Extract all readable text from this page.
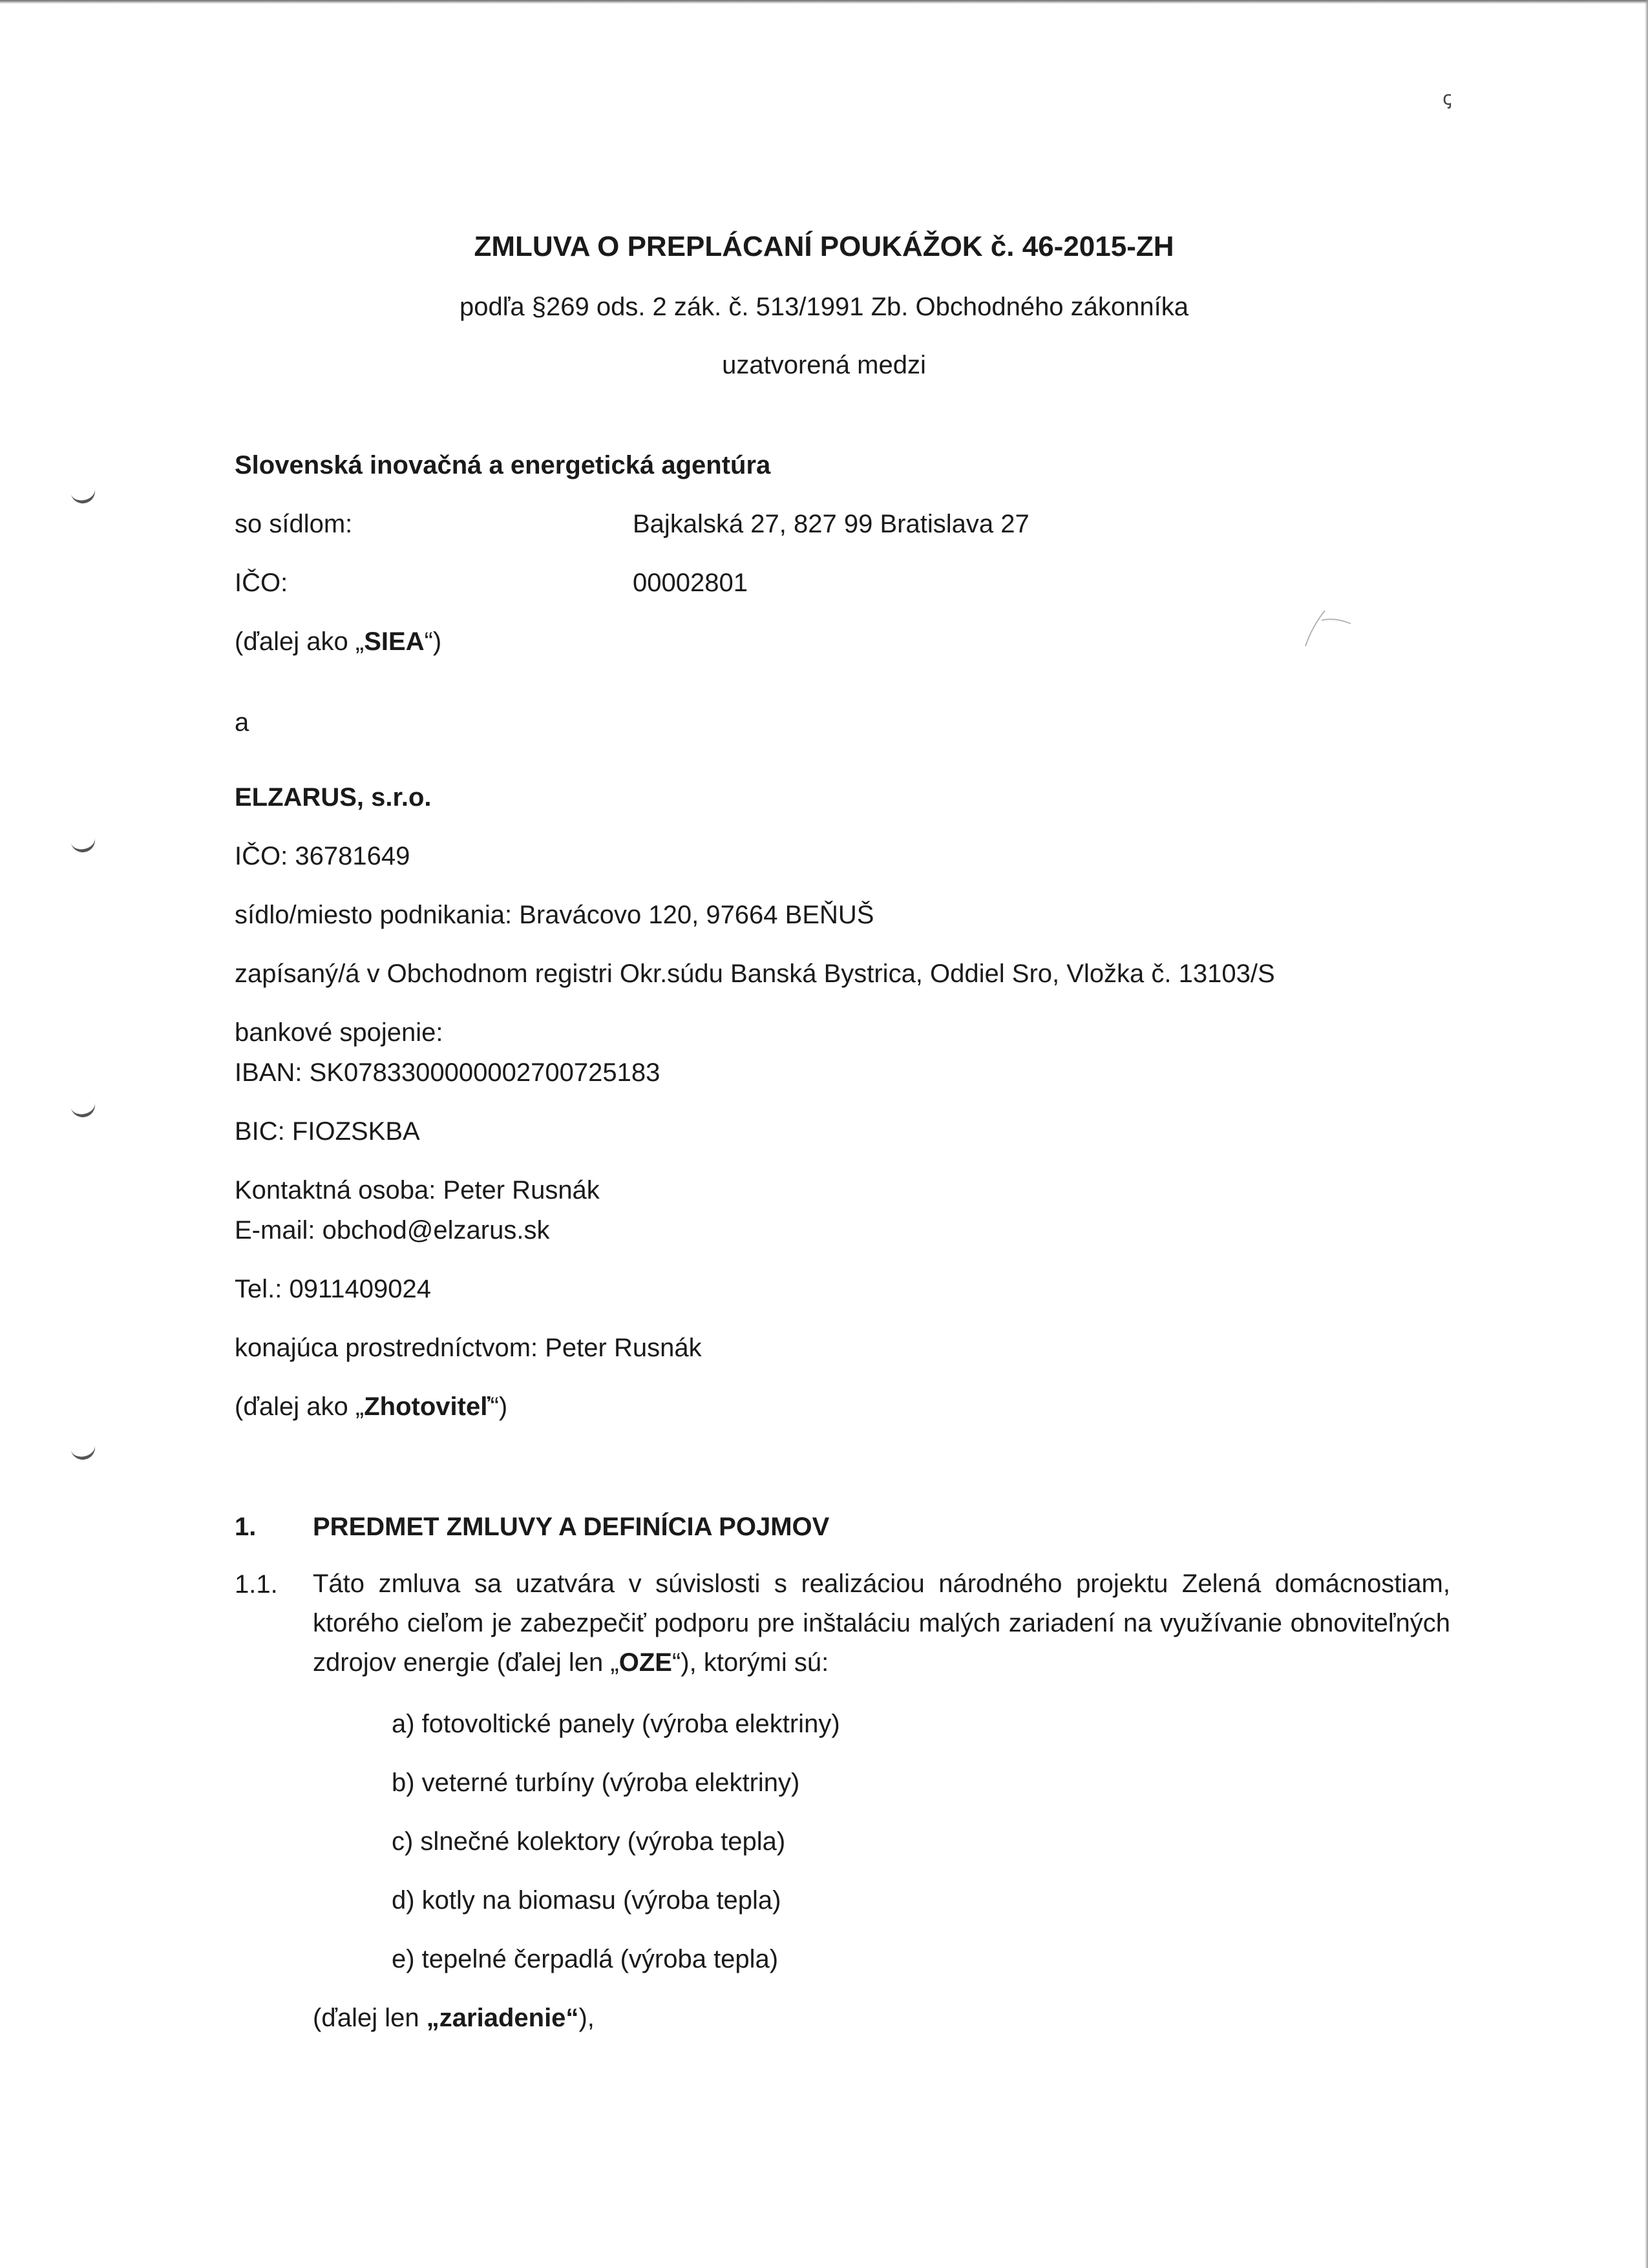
ꞔ
ZMLUVA O PREPLÁCANÍ POUKÁŽOK č. 46-2015-ZH
podľa §269 ods. 2 zák. č. 513/1991 Zb. Obchodného zákonníka
uzatvorená medzi
Slovenská inovačná a energetická agentúra
so sídlom:	Bajkalská 27, 827 99 Bratislava 27
IČO:	00002801
(ďalej ako „SIEA“)
a
ELZARUS, s.r.o.
IČO: 36781649
sídlo/miesto podnikania: Bravácovo 120, 97664 BEŇUŠ
zapísaný/á v Obchodnom registri Okr.súdu Banská Bystrica, Oddiel Sro, Vložka č. 13103/S
bankové spojenie:
IBAN: SK0783300000002700725183
BIC: FIOZSKBA
Kontaktná osoba: Peter Rusnák
E-mail: obchod@elzarus.sk
Tel.: 0911409024
konajúca prostredníctvom: Peter Rusnák
(ďalej ako „Zhotoviteľ“)
1. PREDMET ZMLUVY A DEFINÍCIA POJMOV
1.1. Táto zmluva sa uzatvára v súvislosti s realizáciou národného projektu Zelená domácnostiam, ktorého cieľom je zabezpečiť podporu pre inštaláciu malých zariadení na využívanie obnoviteľných zdrojov energie (ďalej len „OZE“), ktorými sú:
a) fotovoltické panely (výroba elektriny)
b) veterné turbíny (výroba elektriny)
c) slnečné kolektory (výroba tepla)
d) kotly na biomasu (výroba tepla)
e) tepelné čerpadlá (výroba tepla)
(ďalej len „zariadenie“),
